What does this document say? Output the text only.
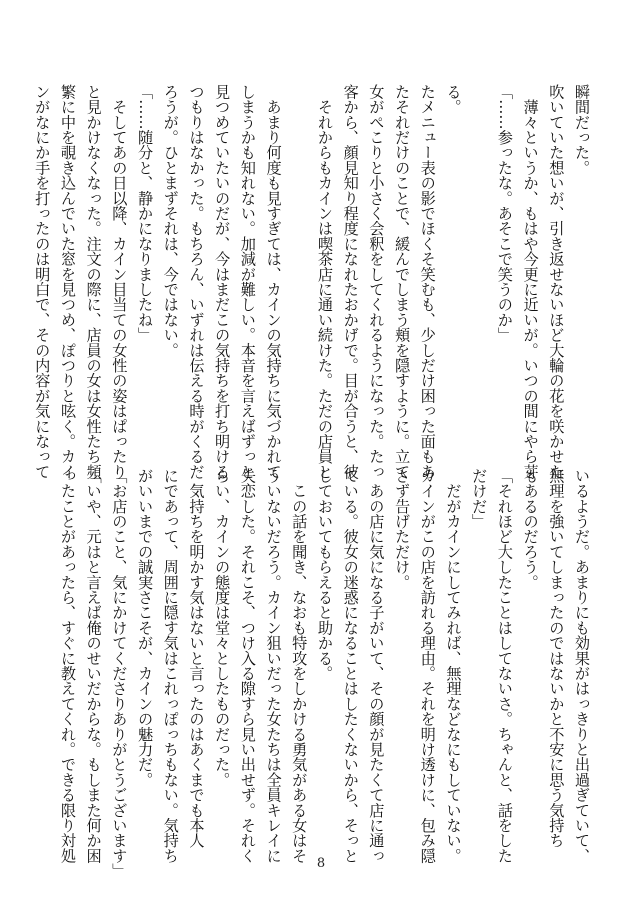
瞬間だった。

吹いていた想いが、引き返せないほど大輪の花を咲かせた

　薄々というか、もはや今更に近いが。いつの間にやら芽

「……参ったな。あそこで笑うのか」

る。

たメニュー表の影でほくそ笑むも、少しだけ困った面もあ

たそれだけのことで、緩んでしまう頬を隠すように。立て

女がぺこりと小さく会釈をしてくれるようになった。たっ

客から、顔見知り程度になれたおかげで。目が合うと、彼

　それからもカインは喫茶店に通い続けた。ただの店員と

　あまり何度も見すぎては、カインの気持ちに気づかれて

しまうかも知れない。加減が難しい。本音を言えばずっと

見つめていたいのだが、今はまだこの気持ちを打ち明ける

つもりはなかった。もちろん、いずれは伝える時がくるだ

ろうが。ひとまずそれは、今ではない。

「……随分と、静かになりましたね」

　そしてあの日以降、カイン目当ての女性の姿はぱったり

と見かけなくなった。注文の際に、店員の女は女性たち頻

繁に中を覗き込んでいた窓を見つめ、ぽつりと呟く。カイ

ンがなにか手を打ったのは明白で、その内容が気になって

いるようだ。あまりにも効果がはっきりと出過ぎていて、

無理を強いてしまったのではないかと不安に思う気持ち

もあるのだろう。

「それほど大したことはしてないさ。ちゃんと、話をした

だけだ」

　だがカインにしてみれば、無理などなにもしていない。

カインがこの店を訪れる理由。それを明け透けに、包み隠

さず告げただけ。

　あの店に気になる子がいて、その顔が見たくて店に通っ

ている。彼女の迷惑になることはしたくないから、そっと

しておいてもらえると助かる。

　この話を聞き、なおも特攻をしかける勇気がある女はそ

ういないだろう。カイン狙いだった女たちは全員キレイに

失恋した。それこそ、つけ入る隙すら見い出せず。それく

らい、カインの態度は堂々としたものだった。

　気持ちを明かす気はないと言ったのはあくまでも本人

にであって、周囲に隠す気はこれっぽっちもない。気持ち

がいいまでの誠実さこそが、カインの魅力だ。

「お店のこと、気にかけてくださりありがとうございます」

「いや、元はと言えば俺のせいだからな。もしまた何か困

ったことがあったら、すぐに教えてくれ。できる限り対処

8
